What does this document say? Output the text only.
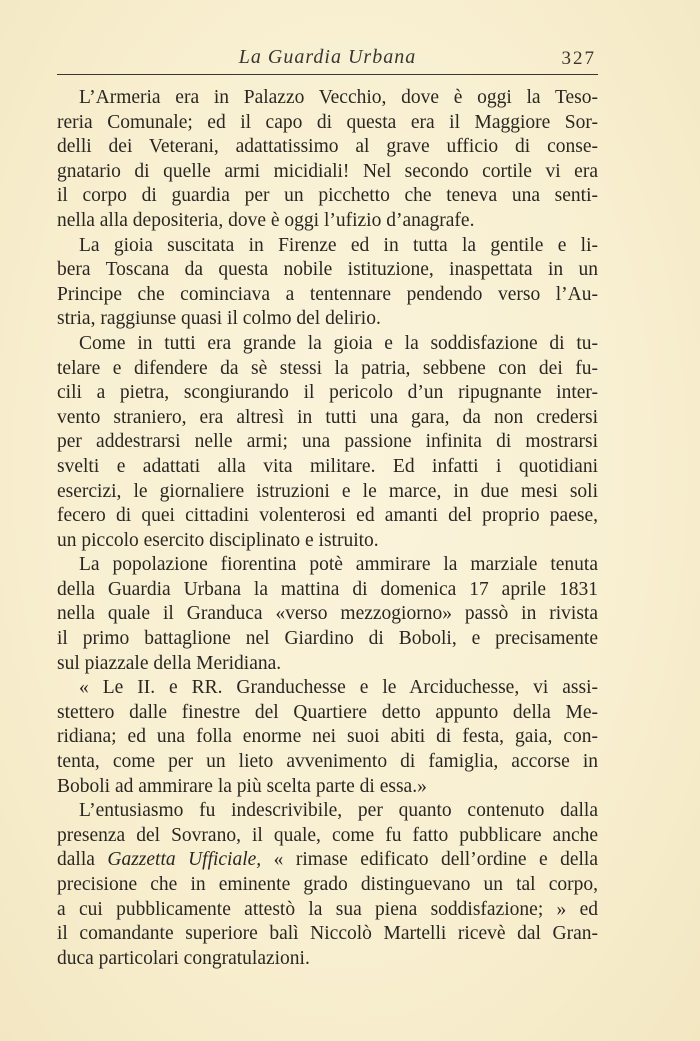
La Guardia Urbana	327
L’Armeria era in Palazzo Vecchio, dove è oggi la Teso-
reria Comunale; ed il capo di questa era il Maggiore Sor-
delli dei Veterani, adattatissimo al grave ufficio di conse-
gnatario di quelle armi micidiali! Nel secondo cortile vi era
il corpo di guardia per un picchetto che teneva una senti-
nella alla depositeria, dove è oggi l’ufizio d’anagrafe.
La gioia suscitata in Firenze ed in tutta la gentile e li-
bera Toscana da questa nobile istituzione, inaspettata in un
Principe che cominciava a tentennare pendendo verso l’Au-
stria, raggiunse quasi il colmo del delirio.
Come in tutti era grande la gioia e la soddisfazione di tu-
telare e difendere da sè stessi la patria, sebbene con dei fu-
cili a pietra, scongiurando il pericolo d’un ripugnante inter-
vento straniero, era altresì in tutti una gara, da non credersi
per addestrarsi nelle armi; una passione infinita di mostrarsi
svelti e adattati alla vita militare. Ed infatti i quotidiani
esercizi, le giornaliere istruzioni e le marce, in due mesi soli
fecero di quei cittadini volenterosi ed amanti del proprio paese,
un piccolo esercito disciplinato e istruito.
La popolazione fiorentina potè ammirare la marziale tenuta
della Guardia Urbana la mattina di domenica 17 aprile 1831
nella quale il Granduca «verso mezzogiorno» passò in rivista
il primo battaglione nel Giardino di Boboli, e precisamente
sul piazzale della Meridiana.
« Le II. e RR. Granduchesse e le Arciduchesse, vi assi-
stettero dalle finestre del Quartiere detto appunto della Me-
ridiana; ed una folla enorme nei suoi abiti di festa, gaia, con-
tenta, come per un lieto avvenimento di famiglia, accorse in
Boboli ad ammirare la più scelta parte di essa.»
L’entusiasmo fu indescrivibile, per quanto contenuto dalla
presenza del Sovrano, il quale, come fu fatto pubblicare anche
dalla Gazzetta Ufficiale, « rimase edificato dell’ordine e della
precisione che in eminente grado distinguevano un tal corpo,
a cui pubblicamente attestò la sua piena soddisfazione; » ed
il comandante superiore balì Niccolò Martelli ricevè dal Gran-
duca particolari congratulazioni.
